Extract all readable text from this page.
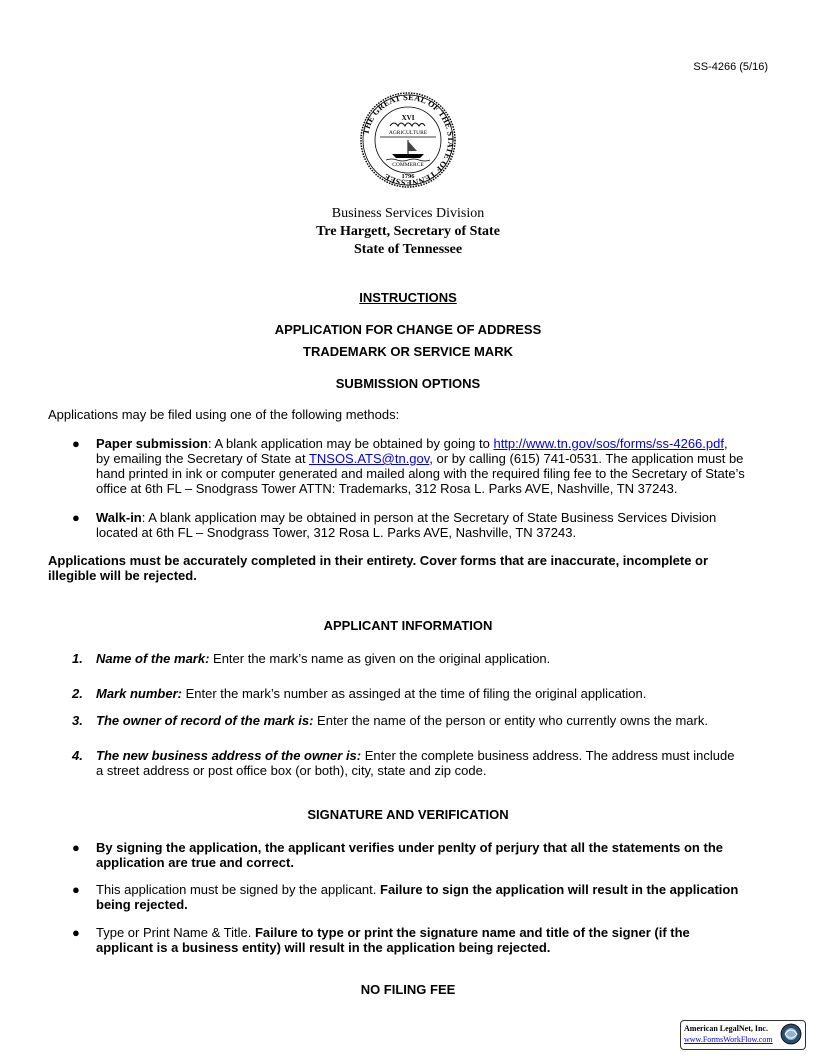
SS-4266 (5/16)
THE GREAT SEAL OF THE STATE OF TENNESSEE
XVI
AGRICULTURE
COMMERCE
1796
Business Services Division
Tre Hargett, Secretary of State
State of Tennessee
INSTRUCTIONS
APPLICATION FOR CHANGE OF ADDRESS
TRADEMARK OR SERVICE MARK
SUBMISSION OPTIONS
Applications may be filed using one of the following methods:
● Paper submission: A blank application may be obtained by going to http://www.tn.gov/sos/forms/ss-4266.pdf,
by emailing the Secretary of State at TNSOS.ATS@tn.gov, or by calling (615) 741-0531. The application must be
hand printed in ink or computer generated and mailed along with the required filing fee to the Secretary of State’s
office at 6th FL – Snodgrass Tower ATTN: Trademarks, 312 Rosa L. Parks AVE, Nashville, TN 37243.
● Walk-in: A blank application may be obtained in person at the Secretary of State Business Services Division
located at 6th FL – Snodgrass Tower, 312 Rosa L. Parks AVE, Nashville, TN 37243.
Applications must be accurately completed in their entirety. Cover forms that are inaccurate, incomplete or
illegible will be rejected.
APPLICANT INFORMATION
1. Name of the mark: Enter the mark’s name as given on the original application.
2. Mark number: Enter the mark’s number as assinged at the time of filing the original application.
3. The owner of record of the mark is: Enter the name of the person or entity who currently owns the mark.
4. The new business address of the owner is: Enter the complete business address. The address must include
a street address or post office box (or both), city, state and zip code.
SIGNATURE AND VERIFICATION
● By signing the application, the applicant verifies under penlty of perjury that all the statements on the
application are true and correct.
● This application must be signed by the applicant. Failure to sign the application will result in the application
being rejected.
● Type or Print Name & Title. Failure to type or print the signature name and title of the signer (if the
applicant is a business entity) will result in the application being rejected.
NO FILING FEE
American LegalNet, Inc.
www.FormsWorkFlow.com
